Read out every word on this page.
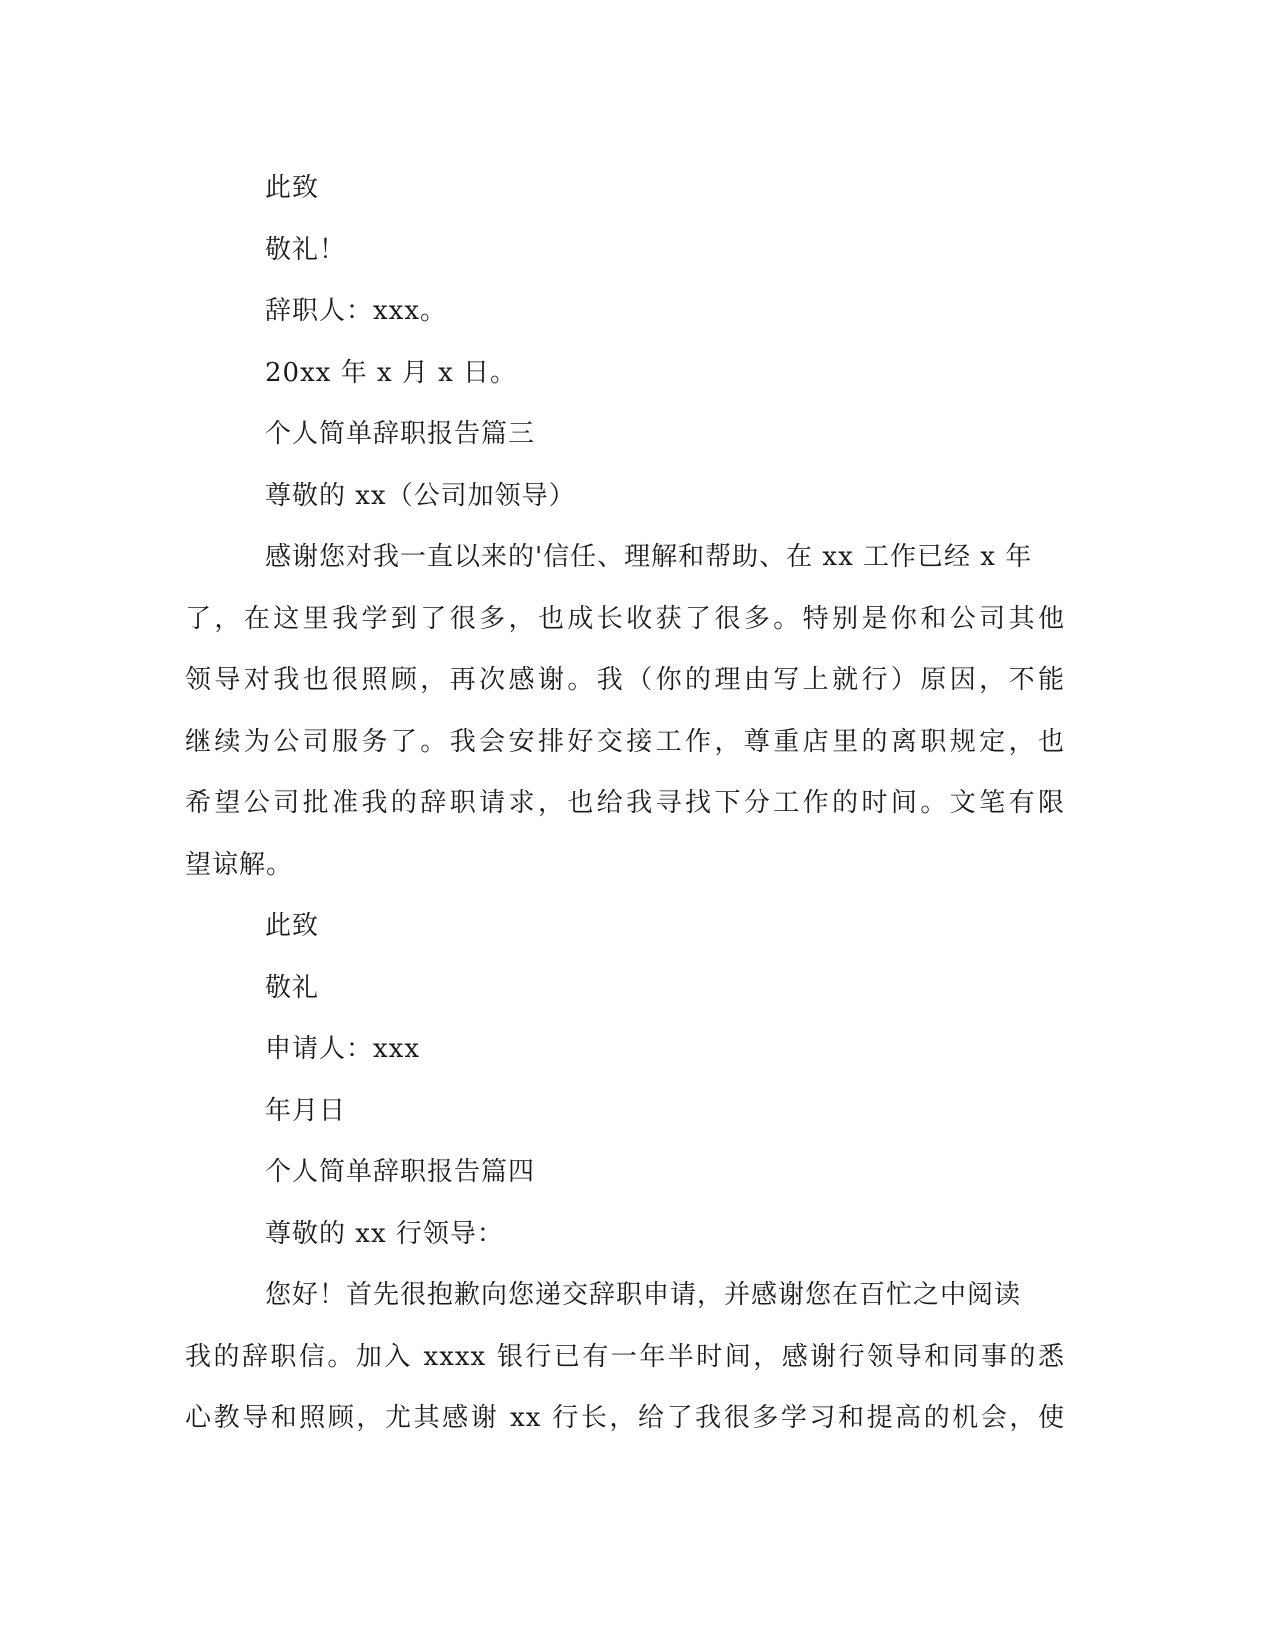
此致

敬礼！

辞职人：xxx。

20xx 年 x 月 x 日。

个人简单辞职报告篇三

尊敬的 xx（公司加领导）

感谢您对我一直以来的'信任、理解和帮助、在 xx 工作已经 x 年

了，在这里我学到了很多，也成长收获了很多。特别是你和公司其他

领导对我也很照顾，再次感谢。我（你的理由写上就行）原因，不能

继续为公司服务了。我会安排好交接工作，尊重店里的离职规定，也

希望公司批准我的辞职请求，也给我寻找下分工作的时间。文笔有限

望谅解。

此致

敬礼

申请人：xxx

年月日

个人简单辞职报告篇四

尊敬的 xx 行领导：

您好！首先很抱歉向您递交辞职申请，并感谢您在百忙之中阅读

我的辞职信。加入 xxxx 银行已有一年半时间，感谢行领导和同事的悉

心教导和照顾，尤其感谢 xx 行长，给了我很多学习和提高的机会，使
